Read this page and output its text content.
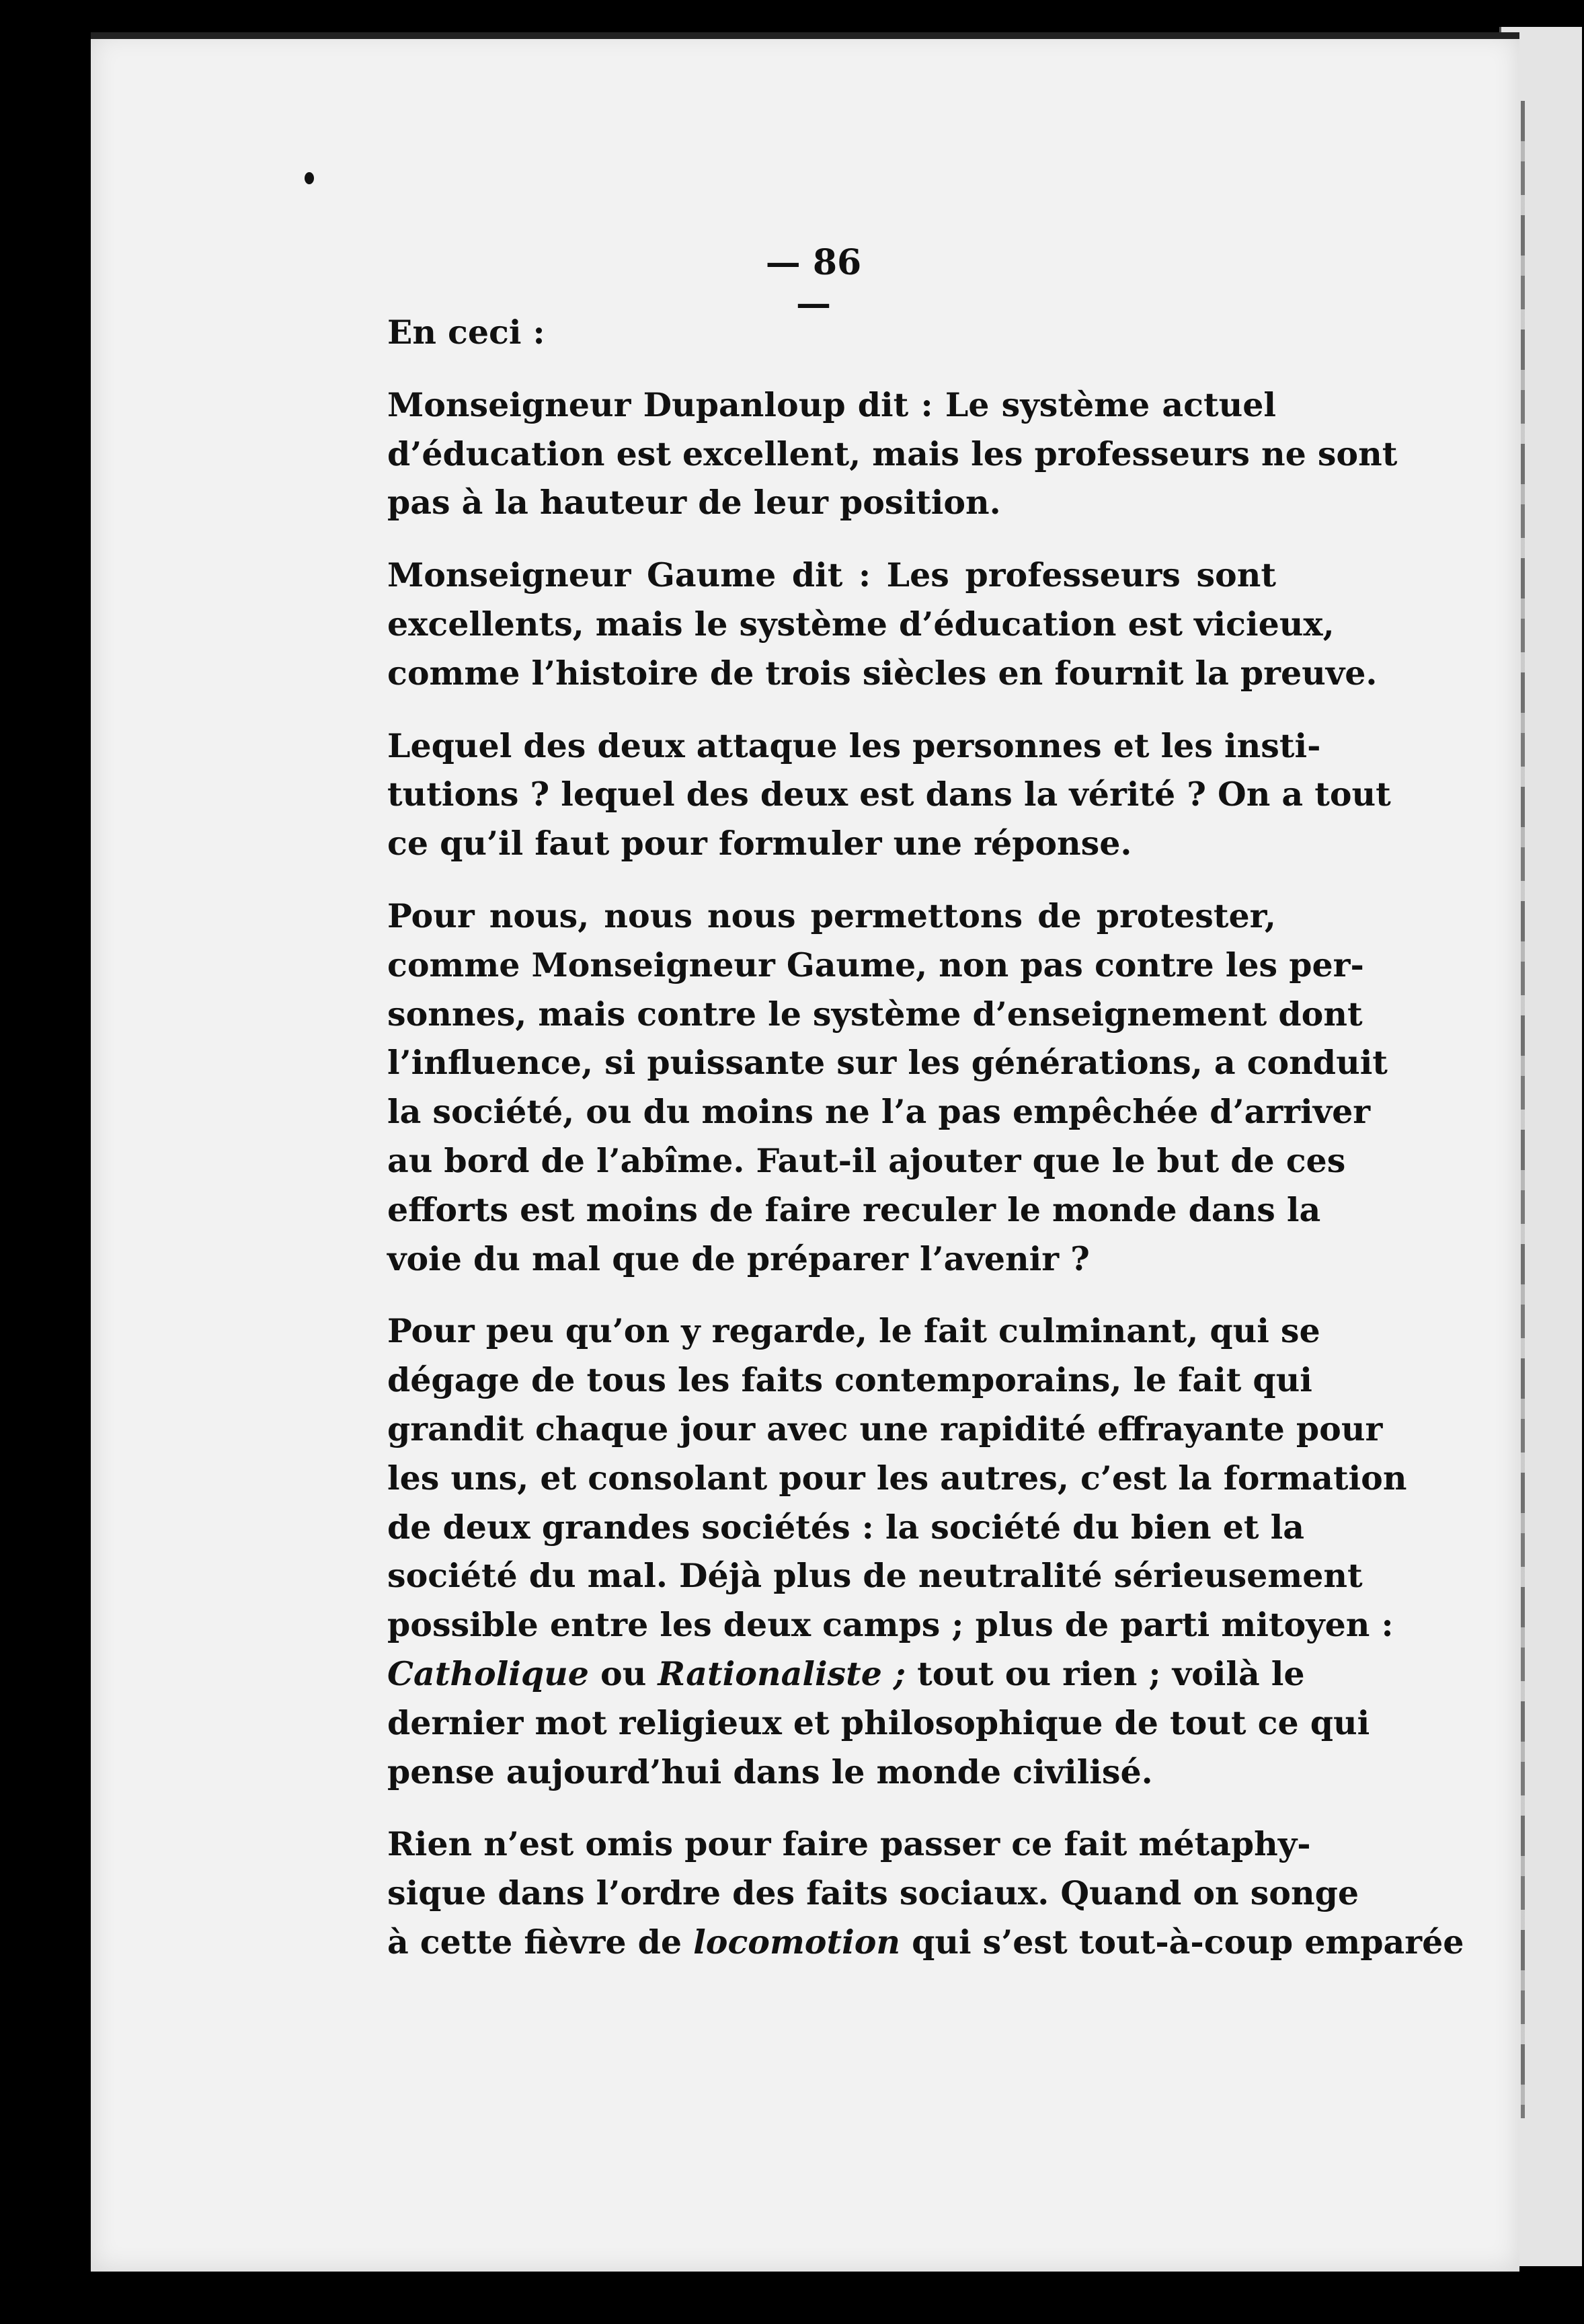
— 86 —

En ceci :

Monseigneur Dupanloup dit : Le système actuel
d’éducation est excellent, mais les professeurs ne sont
pas à la hauteur de leur position.

Monseigneur Gaume dit : Les professeurs sont
excellents, mais le système d’éducation est vicieux,
comme l’histoire de trois siècles en fournit la preuve.

Lequel des deux attaque les personnes et les insti-
tutions ? lequel des deux est dans la vérité ? On a tout
ce qu’il faut pour formuler une réponse.

Pour nous, nous nous permettons de protester,
comme Monseigneur Gaume, non pas contre les per-
sonnes, mais contre le système d’enseignement dont
l’influence, si puissante sur les générations, a conduit
la société, ou du moins ne l’a pas empêchée d’arriver
au bord de l’abîme. Faut-il ajouter que le but de ces
efforts est moins de faire reculer le monde dans la
voie du mal que de préparer l’avenir ?

Pour peu qu’on y regarde, le fait culminant, qui se
dégage de tous les faits contemporains, le fait qui
grandit chaque jour avec une rapidité effrayante pour
les uns, et consolant pour les autres, c’est la formation
de deux grandes sociétés : la société du bien et la
société du mal. Déjà plus de neutralité sérieusement
possible entre les deux camps ; plus de parti mitoyen :
Catholique ou Rationaliste ; tout ou rien ; voilà le
dernier mot religieux et philosophique de tout ce qui
pense aujourd’hui dans le monde civilisé.

Rien n’est omis pour faire passer ce fait métaphy-
sique dans l’ordre des faits sociaux. Quand on songe
à cette fièvre de locomotion qui s’est tout-à-coup emparée
